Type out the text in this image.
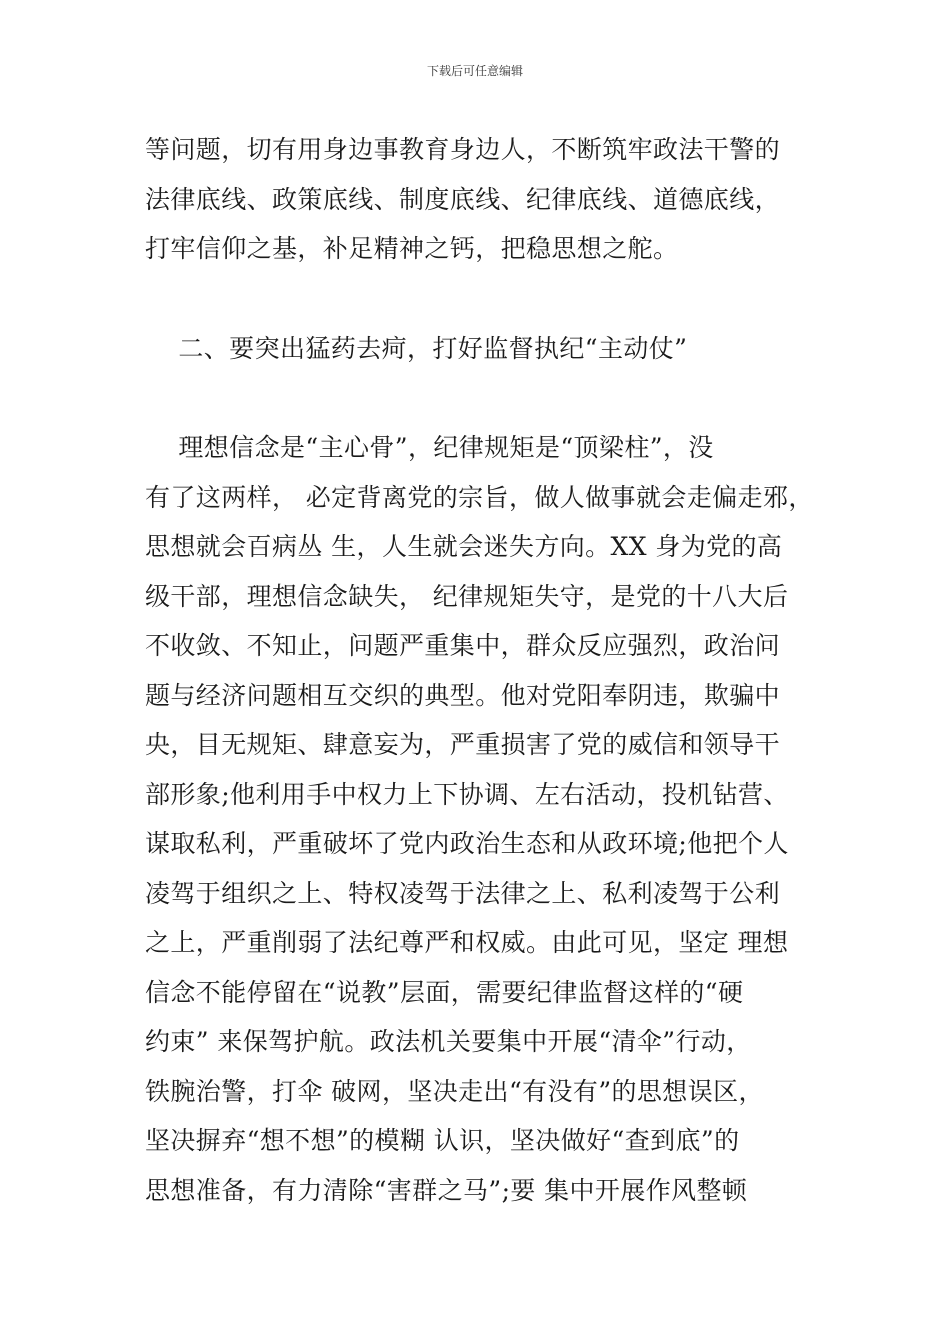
下载后可任意编辑
等问题，切有用身边事教育身边人，不断筑牢政法干警的
法律底线、政策底线、制度底线、纪律底线、道德底线，
打牢信仰之基，补足精神之钙，把稳思想之舵。
二、要突出猛药去疴，打好监督执纪“主动仗”
理想信念是“主心骨”，纪律规矩是“顶梁柱”，没
有了这两样， 必定背离党的宗旨，做人做事就会走偏走邪，
思想就会百病丛 生，人生就会迷失方向。XX 身为党的高
级干部，理想信念缺失， 纪律规矩失守，是党的十八大后
不收敛、不知止，问题严重集中，群众反应强烈，政治问
题与经济问题相互交织的典型。他对党阳奉阴违，欺骗中
央，目无规矩、肆意妄为，严重损害了党的威信和领导干
部形象;他利用手中权力上下协调、左右活动，投机钻营、
谋取私利，严重破坏了党内政治生态和从政环境;他把个人
凌驾于组织之上、特权凌驾于法律之上、私利凌驾于公利
之上，严重削弱了法纪尊严和权威。由此可见，坚定 理想
信念不能停留在“说教”层面，需要纪律监督这样的“硬
约束” 来保驾护航。政法机关要集中开展“清伞”行动，
铁腕治警，打伞 破网，坚决走出“有没有”的思想误区，
坚决摒弃“想不想”的模糊 认识，坚决做好“查到底”的
思想准备，有力清除“害群之马”;要 集中开展作风整顿
